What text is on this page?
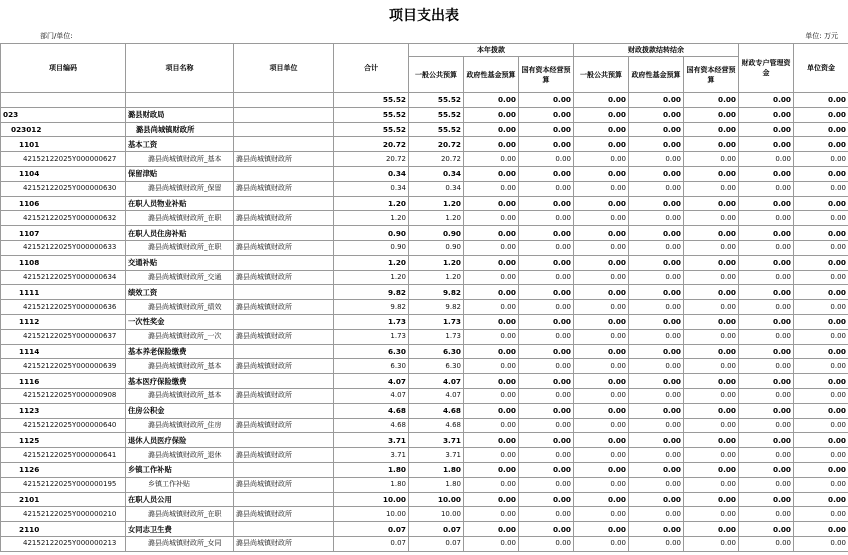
项目支出表
部门/单位:	单位: 万元
项目编码	项目名称	项目单位	合计	本年拨款			财政拨款结转结余			财政专户管理资金	单位资金
				一般公共预算	政府性基金预算	国有资本经营预算	一般公共预算	政府性基金预算	国有资本经营预算		
			55.52	55.52	0.00	0.00	0.00	0.00	0.00	0.00	0.00
023	潞县财政局		55.52	55.52	0.00	0.00	0.00	0.00	0.00	0.00	0.00
023012	潞县尚城镇财政所		55.52	55.52	0.00	0.00	0.00	0.00	0.00	0.00	0.00
1101	基本工资		20.72	20.72	0.00	0.00	0.00	0.00	0.00	0.00	0.00
42152122025Y000000627	潞县尚城镇财政所_基本	潞县尚城镇财政所	20.72	20.72	0.00	0.00	0.00	0.00	0.00	0.00	0.00
1104	保留津贴		0.34	0.34	0.00	0.00	0.00	0.00	0.00	0.00	0.00
42152122025Y000000630	潞县尚城镇财政所_保留	潞县尚城镇财政所	0.34	0.34	0.00	0.00	0.00	0.00	0.00	0.00	0.00
1106	在职人员物业补贴		1.20	1.20	0.00	0.00	0.00	0.00	0.00	0.00	0.00
42152122025Y000000632	潞县尚城镇财政所_在职	潞县尚城镇财政所	1.20	1.20	0.00	0.00	0.00	0.00	0.00	0.00	0.00
1107	在职人员住房补贴		0.90	0.90	0.00	0.00	0.00	0.00	0.00	0.00	0.00
42152122025Y000000633	潞县尚城镇财政所_在职	潞县尚城镇财政所	0.90	0.90	0.00	0.00	0.00	0.00	0.00	0.00	0.00
1108	交通补贴		1.20	1.20	0.00	0.00	0.00	0.00	0.00	0.00	0.00
42152122025Y000000634	潞县尚城镇财政所_交通	潞县尚城镇财政所	1.20	1.20	0.00	0.00	0.00	0.00	0.00	0.00	0.00
1111	绩效工资		9.82	9.82	0.00	0.00	0.00	0.00	0.00	0.00	0.00
42152122025Y000000636	潞县尚城镇财政所_绩效	潞县尚城镇财政所	9.82	9.82	0.00	0.00	0.00	0.00	0.00	0.00	0.00
1112	一次性奖金		1.73	1.73	0.00	0.00	0.00	0.00	0.00	0.00	0.00
42152122025Y000000637	潞县尚城镇财政所_一次	潞县尚城镇财政所	1.73	1.73	0.00	0.00	0.00	0.00	0.00	0.00	0.00
1114	基本养老保险缴费		6.30	6.30	0.00	0.00	0.00	0.00	0.00	0.00	0.00
42152122025Y000000639	潞县尚城镇财政所_基本	潞县尚城镇财政所	6.30	6.30	0.00	0.00	0.00	0.00	0.00	0.00	0.00
1116	基本医疗保险缴费		4.07	4.07	0.00	0.00	0.00	0.00	0.00	0.00	0.00
42152122025Y000000908	潞县尚城镇财政所_基本	潞县尚城镇财政所	4.07	4.07	0.00	0.00	0.00	0.00	0.00	0.00	0.00
1123	住房公积金		4.68	4.68	0.00	0.00	0.00	0.00	0.00	0.00	0.00
42152122025Y000000640	潞县尚城镇财政所_住房	潞县尚城镇财政所	4.68	4.68	0.00	0.00	0.00	0.00	0.00	0.00	0.00
1125	退休人员医疗保险		3.71	3.71	0.00	0.00	0.00	0.00	0.00	0.00	0.00
42152122025Y000000641	潞县尚城镇财政所_退休	潞县尚城镇财政所	3.71	3.71	0.00	0.00	0.00	0.00	0.00	0.00	0.00
1126	乡镇工作补贴		1.80	1.80	0.00	0.00	0.00	0.00	0.00	0.00	0.00
42152122025Y000000195	乡镇工作补贴	潞县尚城镇财政所	1.80	1.80	0.00	0.00	0.00	0.00	0.00	0.00	0.00
2101	在职人员公用		10.00	10.00	0.00	0.00	0.00	0.00	0.00	0.00	0.00
42152122025Y000000210	潞县尚城镇财政所_在职	潞县尚城镇财政所	10.00	10.00	0.00	0.00	0.00	0.00	0.00	0.00	0.00
2110	女同志卫生费		0.07	0.07	0.00	0.00	0.00	0.00	0.00	0.00	0.00
42152122025Y000000213	潞县尚城镇财政所_女同	潞县尚城镇财政所	0.07	0.07	0.00	0.00	0.00	0.00	0.00	0.00	0.00
